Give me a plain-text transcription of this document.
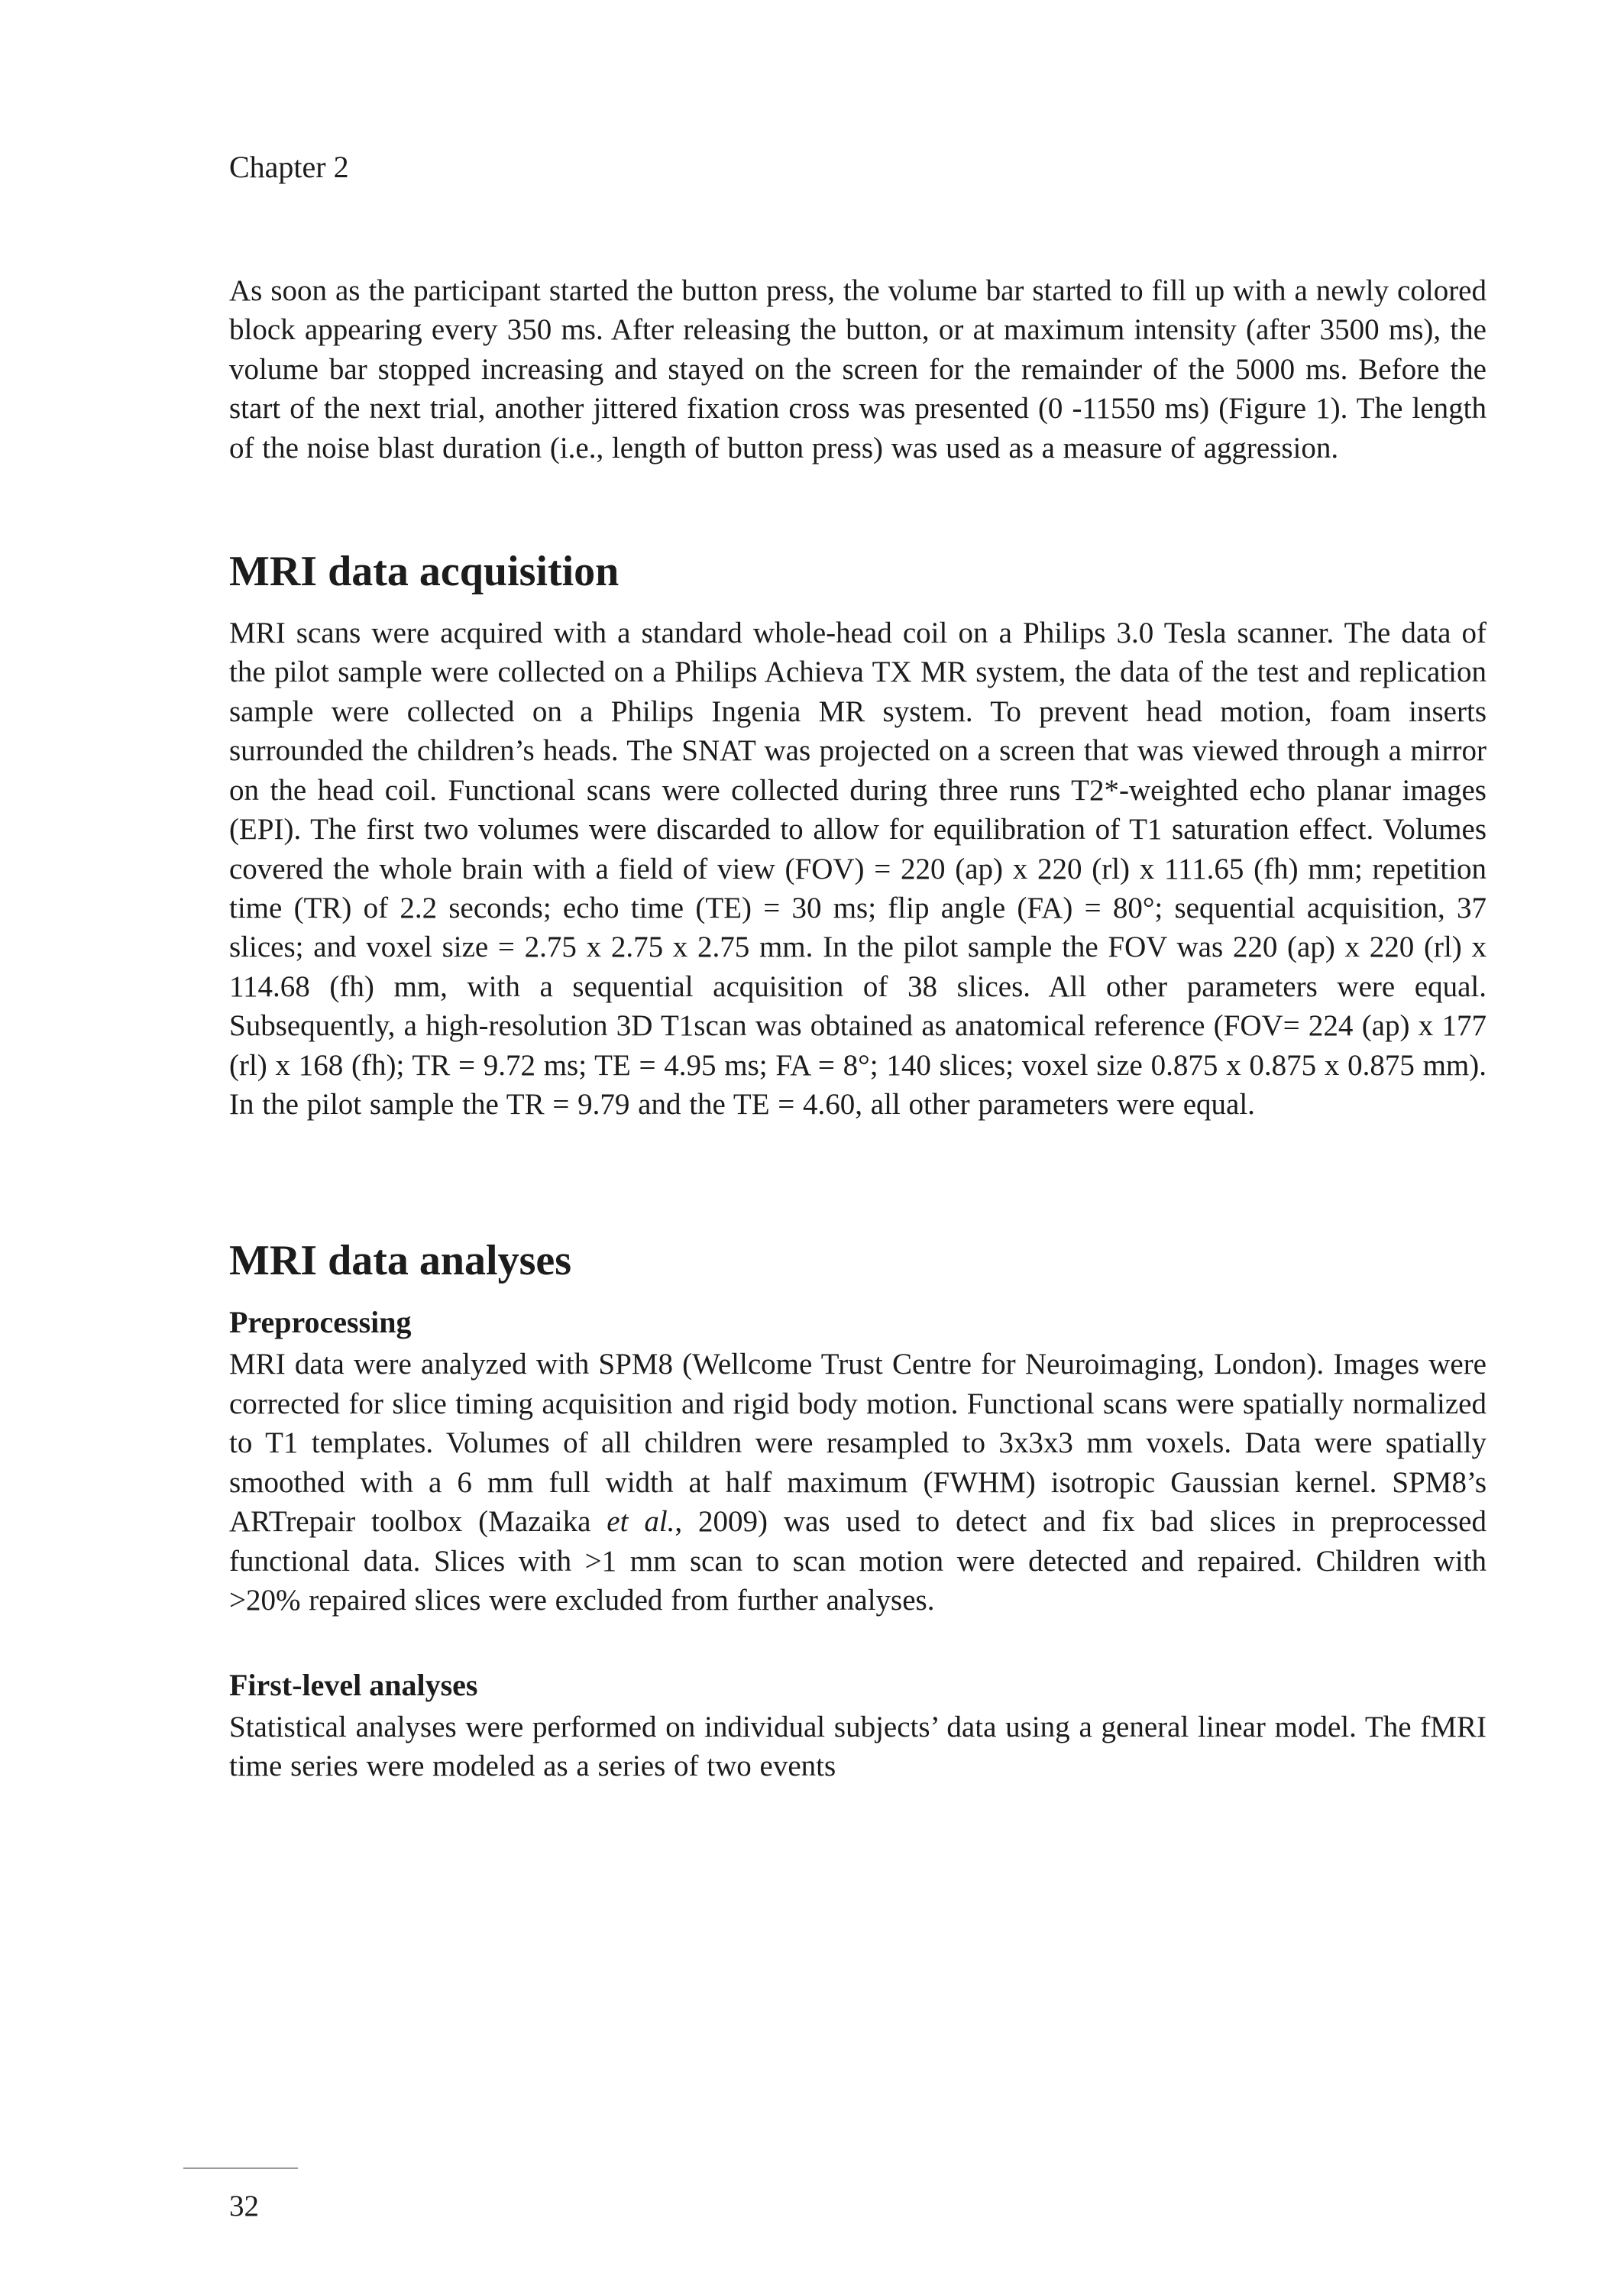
Chapter 2

As soon as the participant started the button press, the volume bar started to fill up with a newly colored block appearing every 350 ms. After releasing the button, or at maximum intensity (after 3500 ms), the volume bar stopped increasing and stayed on the screen for the remainder of the 5000 ms. Before the start of the next trial, another jittered fixation cross was presented (0 -11550 ms) (Figure 1). The length of the noise blast duration (i.e., length of button press) was used as a measure of aggression.

MRI data acquisition

MRI scans were acquired with a standard whole-head coil on a Philips 3.0 Tesla scanner. The data of the pilot sample were collected on a Philips Achieva TX MR system, the data of the test and replication sample were collected on a Philips Ingenia MR system. To prevent head motion, foam inserts surrounded the children’s heads. The SNAT was projected on a screen that was viewed through a mirror on the head coil. Functional scans were collected during three runs T2*-weighted echo planar images (EPI). The first two volumes were discarded to allow for equilibration of T1 saturation effect. Volumes covered the whole brain with a field of view (FOV) = 220 (ap) x 220 (rl) x 111.65 (fh) mm; repetition time (TR) of 2.2 seconds; echo time (TE) = 30 ms; flip angle (FA) = 80°; sequential acquisition, 37 slices; and voxel size = 2.75 x 2.75 x 2.75 mm. In the pilot sample the FOV was 220 (ap) x 220 (rl) x 114.68 (fh) mm, with a sequential acquisition of 38 slices. All other parameters were equal. Subsequently, a high-resolution 3D T1scan was obtained as anatomical reference (FOV= 224 (ap) x 177 (rl) x 168 (fh); TR = 9.72 ms; TE = 4.95 ms; FA = 8°; 140 slices; voxel size 0.875 x 0.875 x 0.875 mm). In the pilot sample the TR = 9.79 and the TE = 4.60, all other parameters were equal.

MRI data analyses
Preprocessing

MRI data were analyzed with SPM8 (Wellcome Trust Centre for Neuroimaging, London). Images were corrected for slice timing acquisition and rigid body motion. Functional scans were spatially normalized to T1 templates. Volumes of all children were resampled to 3x3x3 mm voxels. Data were spatially smoothed with a 6 mm full width at half maximum (FWHM) isotropic Gaussian kernel. SPM8’s ARTrepair toolbox (Mazaika et al., 2009) was used to detect and fix bad slices in preprocessed functional data. Slices with >1 mm scan to scan motion were detected and repaired. Children with >20% repaired slices were excluded from further analyses.

First-level analyses

Statistical analyses were performed on individual subjects’ data using a general linear model. The fMRI time series were modeled as a series of two events

32
